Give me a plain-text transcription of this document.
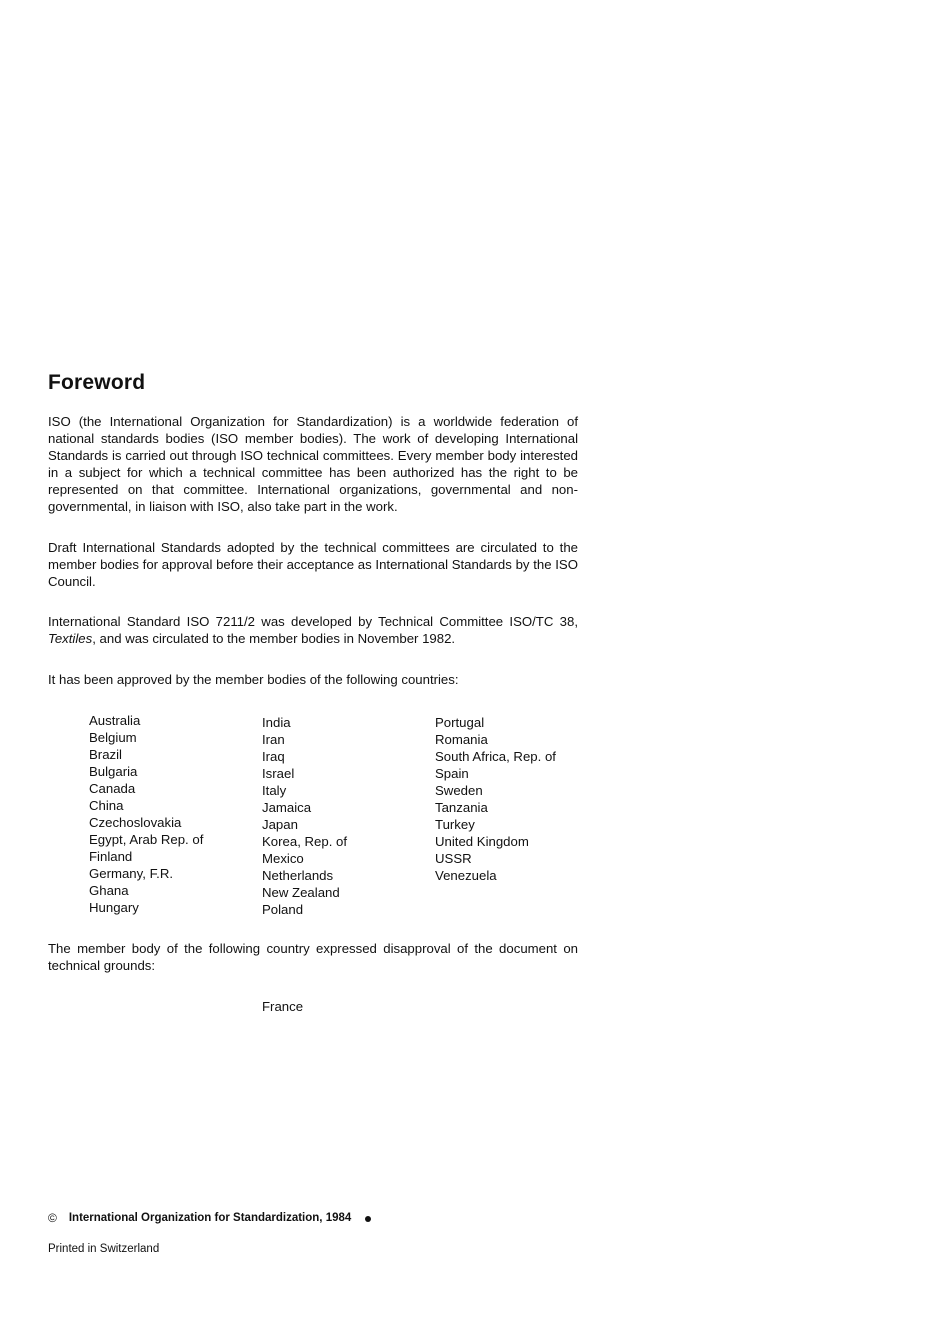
Foreword

ISO (the International Organization for Standardization) is a worldwide federation of national standards bodies (ISO member bodies). The work of developing International Standards is carried out through ISO technical committees. Every member body interested in a subject for which a technical committee has been authorized has the right to be represented on that committee. International organizations, governmental and non-governmental, in liaison with ISO, also take part in the work.

Draft International Standards adopted by the technical committees are circulated to the member bodies for approval before their acceptance as International Standards by the ISO Council.

International Standard ISO 7211/2 was developed by Technical Committee ISO/TC 38, Textiles, and was circulated to the member bodies in November 1982.

It has been approved by the member bodies of the following countries:

Australia
Belgium
Brazil
Bulgaria
Canada
China
Czechoslovakia
Egypt, Arab Rep. of
Finland
Germany, F.R.
Ghana
Hungary
India
Iran
Iraq
Israel
Italy
Jamaica
Japan
Korea, Rep. of
Mexico
Netherlands
New Zealand
Poland
Portugal
Romania
South Africa, Rep. of
Spain
Sweden
Tanzania
Turkey
United Kingdom
USSR
Venezuela

The member body of the following country expressed disapproval of the document on technical grounds:

France

© International Organization for Standardization, 1984

Printed in Switzerland
